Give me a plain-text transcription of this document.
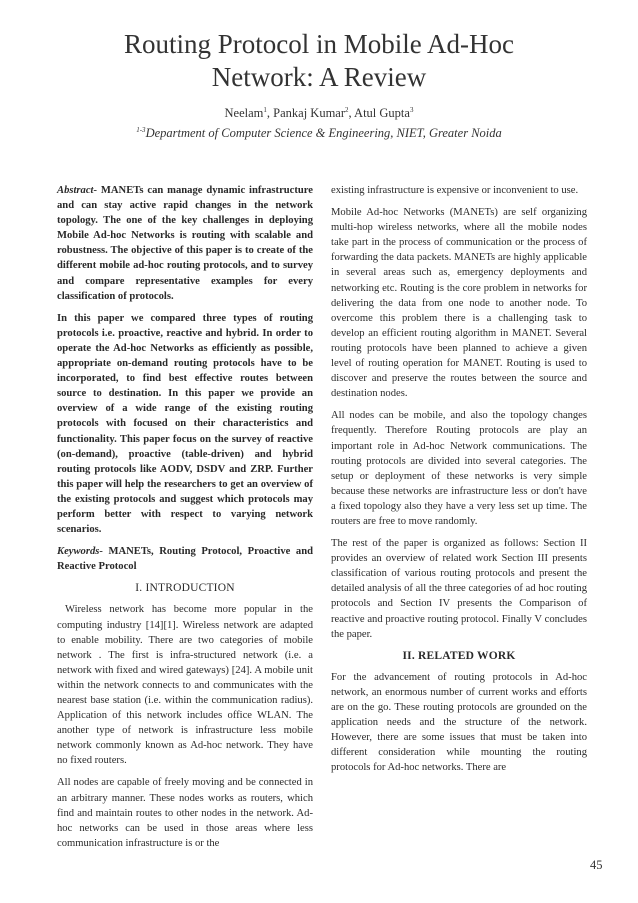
Routing Protocol in Mobile Ad-Hoc
Network: A Review
Neelam$^1$, Pankaj Kumar$^2$, Atul Gupta$^3$
$^{1-3}$Department of Computer Science & Engineering, NIET, Greater Noida

Abstract- MANETs can manage dynamic infrastructure and can stay active rapid changes in the network topology. The one of the key challenges in deploying Mobile Ad-hoc Networks is routing with scalable and robustness. The objective of this paper is to create of the different mobile ad-hoc routing protocols, and to survey and compare representative examples for every classification of protocols.

In this paper we compared three types of routing protocols i.e. proactive, reactive and hybrid. In order to operate the Ad-hoc Networks as efficiently as possible, appropriate on-demand routing protocols have to be incorporated, to find best effective routes between source to destination. In this paper we provide an overview of a wide range of the existing routing protocols with focused on their characteristics and functionality. This paper focus on the survey of reactive (on-demand), proactive (table-driven) and hybrid routing protocols like AODV, DSDV and ZRP. Further this paper will help the researchers to get an overview of the existing protocols and suggest which protocols may perform better with respect to varying network scenarios.

Keywords- MANETs, Routing Protocol, Proactive and Reactive Protocol

I. INTRODUCTION

Wireless network has become more popular in the computing industry [14][1]. Wireless network are adapted to enable mobility. There are two categories of mobile network . The first is infra-structured network (i.e. a network with fixed and wired gateways) [24]. A mobile unit within the network connects to and communicates with the nearest base station (i.e. within the communication radius). Application of this network includes office WLAN. The another type of network is infrastructure less mobile network commonly known as Ad-hoc network. They have no fixed routers.

All nodes are capable of freely moving and be connected in an arbitrary manner. These nodes works as routers, which find and maintain routes to other nodes in the network. Ad-hoc networks can be used in those areas where less communication infrastructure is or the

existing infrastructure is expensive or inconvenient to use.

Mobile Ad-hoc Networks (MANETs) are self organizing multi-hop wireless networks, where all the mobile nodes take part in the process of communication or the process of forwarding the data packets. MANETs are highly applicable in several areas such as, emergency deployments and networking etc. Routing is the core problem in networks for delivering the data from one node to another node. To overcome this problem there is a challenging task to develop an efficient routing algorithm in MANET. Several routing protocols have been planned to achieve a given level of routing operation for MANET. Routing is used to discover and preserve the routes between the source and destination nodes.

All nodes can be mobile, and also the topology changes frequently. Therefore Routing protocols are play an important role in Ad-hoc Network communications. The routing protocols are divided into several categories. The setup or deployment of these networks is very simple because these networks are infrastructure less or don't have a fixed topology also they have a very less set up time. The routers are free to move randomly.

The rest of the paper is organized as follows: Section II provides an overview of related work Section III presents classification of various routing protocols and present the detailed analysis of all the three categories of ad hoc routing protocols and Section IV presents the Comparison of reactive and proactive routing protocol. Finally V concludes the paper.

II. RELATED WORK

For the advancement of routing protocols in Ad-hoc network, an enormous number of current works and efforts are on the go. These routing protocols are grounded on the application needs and the structure of the network. However, there are some issues that must be taken into different consideration while mounting the routing protocols for Ad-hoc networks. There are

45
